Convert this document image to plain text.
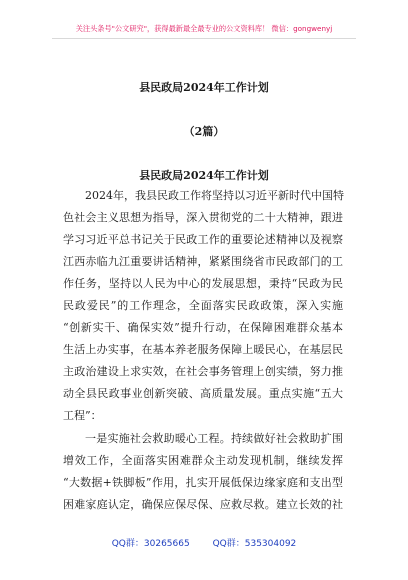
关注头条号"公文研究"，获得最新最全最专业的公文资料库！ 微信：gongwenyj
县民政局2024年工作计划
（2篇）
县民政局2024年工作计划
2024年，我县民政工作将坚持以习近平新时代中国特
色社会主义思想为指导，深入贯彻党的二十大精神，跟进
学习习近平总书记关于民政工作的重要论述精神以及视察
江西赤临九江重要讲话精神，紧紧围绕省市民政部门的工
作任务，坚持以人民为中心的发展思想，秉持“民政为民
民政爱民”的工作理念，全面落实民政政策，深入实施
“创新实干、确保实效”提升行动，在保障困难群众基本
生活上办实事，在基本养老服务保障上暖民心，在基层民
主政治建设上求实效，在社会事务管理上创实绩，努力推
动全县民政事业创新突破、高质量发展。重点实施“五大
工程”：
一是实施社会救助暖心工程。持续做好社会救助扩围
增效工作，全面落实困难群众主动发现机制，继续发挥
“大数据+铁脚板”作用，扎实开展低保边缘家庭和支出型
困难家庭认定，确保应保尽保、应救尽救。建立长效的社
QQ群：30265665	QQ群：535304092
